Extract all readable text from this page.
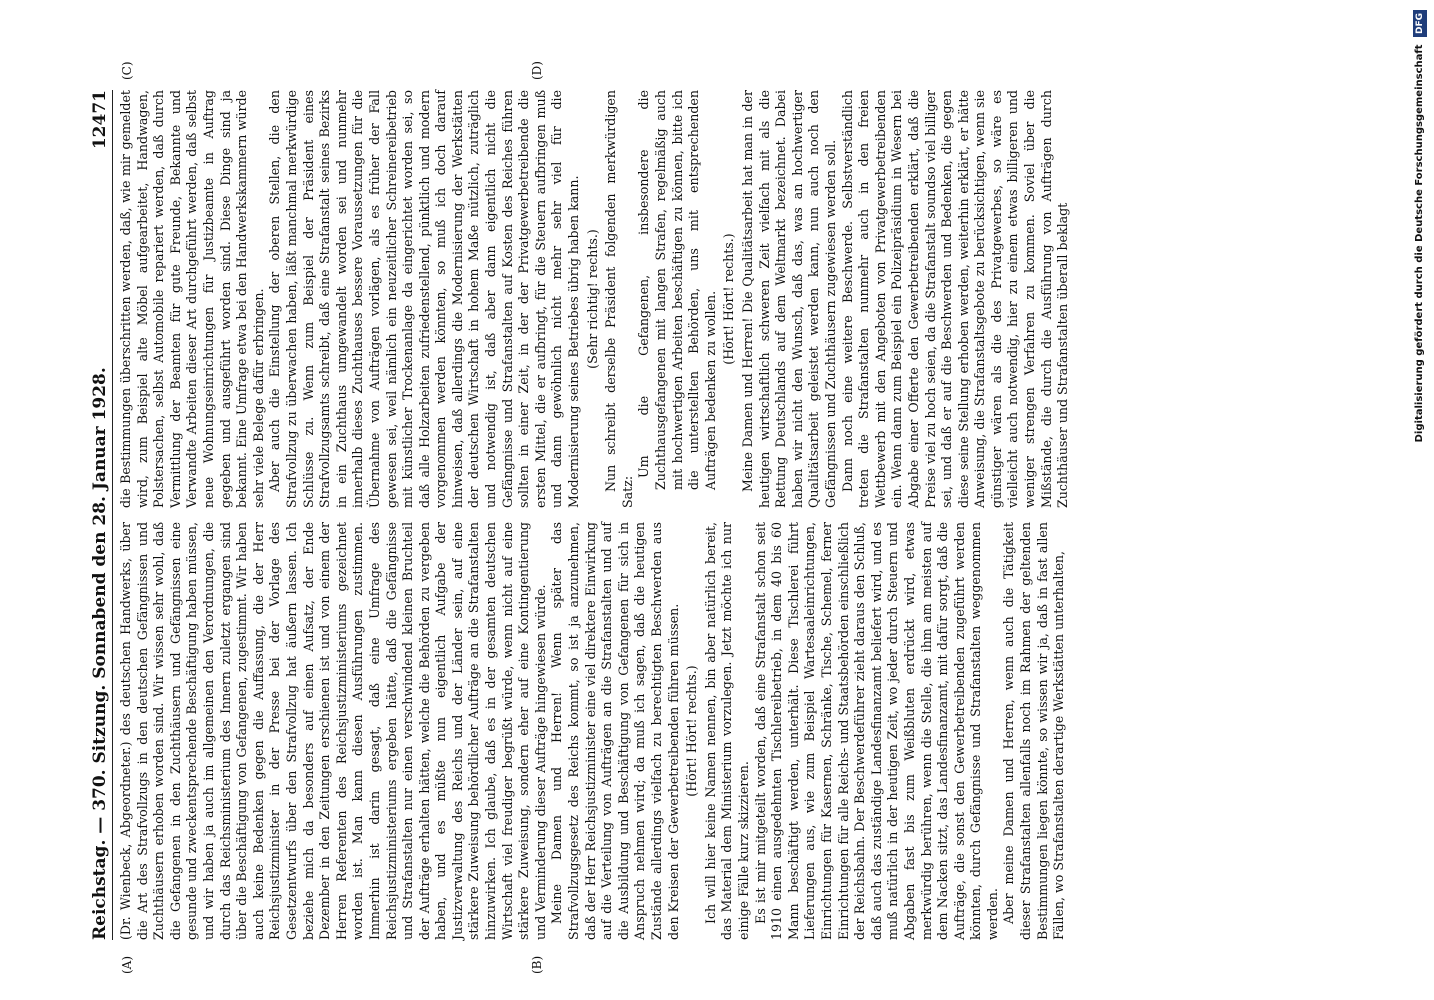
Reichstag. — 370. Sitzung. Sonnabend den 28. Januar 1928.
12471

(Dr. Wienbeck, Abgeordneter.) des deutschen Handwerks, über die Art des Strafvollzugs in den deutschen Gefängnissen und Zuchthäusern erhoben worden sind. Wir wissen sehr wohl, daß die Gefangenen in den Zuchthäusern und Gefängnissen eine gesunde und zweckentsprechende Beschäftigung haben müssen, und wir haben ja auch im allgemeinen den Verordnungen, die durch das Reichsministerium des Innern zuletzt ergangen sind über die Beschäftigung von Gefangenen, zugestimmt. Wir haben auch keine Bedenken gegen die Auffassung, die der Herr Reichsjustizminister in der Presse bei der Vorlage des Gesetzentwurfs über den Strafvollzug hat äußern lassen. Ich beziehe mich da besonders auf einen Aufsatz, der Ende Dezember in den Zeitungen erschienen ist und von einem der Herren Referenten des Reichsjustizministeriums gezeichnet worden ist. Man kann diesen Ausführungen zustimmen. Immerhin ist darin gesagt, daß eine Umfrage des Reichsjustizministeriums ergeben hätte, daß die Gefängnisse und Strafanstalten nur einen verschwindend kleinen Bruchteil der Aufträge erhalten hätten, welche die Behörden zu vergeben haben, und es müßte nun eigentlich Aufgabe der Justizverwaltung des Reichs und der Länder sein, auf eine stärkere Zuweisung behördlicher Aufträge an die Strafanstalten hinzuwirken. Ich glaube, daß es in der gesamten deutschen Wirtschaft viel freudiger begrüßt würde, wenn nicht auf eine stärkere Zuweisung, sondern eher auf eine Kontingentierung und Verminderung dieser Aufträge hingewiesen würde. Meine Damen und Herren! Wenn später das Strafvollzugsgesetz des Reichs kommt, so ist ja anzunehmen, daß der Herr Reichsjustizminister eine viel direktere Einwirkung auf die Verteilung von Aufträgen an die Strafanstalten und auf die Ausbildung und Beschäftigung von Gefangenen für sich in Anspruch nehmen wird; da muß ich sagen, daß die heutigen Zustände allerdings vielfach zu berechtigten Beschwerden aus den Kreisen der Gewerbetreibenden führen müssen. (Hört! Hört! rechts.) Ich will hier keine Namen nennen, bin aber natürlich bereit, das Material dem Ministerium vorzulegen. Jetzt möchte ich nur einige Fälle kurz skizzieren. Es ist mir mitgeteilt worden, daß eine Strafanstalt schon seit 1910 einen ausgedehnten Tischlereibetrieb, in dem 40 bis 60 Mann beschäftigt werden, unterhält. Diese Tischlerei führt Lieferungen aus, wie zum Beispiel Wartesaaleinrichtungen, Einrichtungen für Kasernen, Schränke, Tische, Schemel, ferner Einrichtungen für alle Reichs- und Staatsbehörden einschließlich der Reichsbahn. Der Beschwerdeführer zieht daraus den Schluß, daß auch das zuständige Landesfinanzamt beliefert wird, und es muß natürlich in der heutigen Zeit, wo jeder durch Steuern und Abgaben fast bis zum Weißbluten erdrückt wird, etwas merkwürdig berühren, wenn die Stelle, die ihm am meisten auf dem Nacken sitzt, das Landesfinanzamt, mit dafür sorgt, daß die Aufträge, die sonst den Gewerbetreibenden zugeführt werden könnten, durch Gefängnisse und Strafanstalten weggenommen werden. Aber meine Damen und Herren, wenn auch die Tätigkeit dieser Strafanstalten allenfalls noch im Rahmen der geltenden Bestimmungen liegen könnte, so wissen wir ja, daß in fast allen Fällen, wo Strafanstalten derartige Werkstätten unterhalten,

die Bestimmungen überschritten werden, daß, wie mir gemeldet wird, zum Beispiel alte Möbel aufgearbeitet, Handwagen, Polstersachen, selbst Automobile repariert werden, daß durch Vermittlung der Beamten für gute Freunde, Bekannte und Verwandte Arbeiten dieser Art durchgeführt werden, daß selbst neue Wohnungseinrichtungen für Justizbeamte in Auftrag gegeben und ausgeführt worden sind. Diese Dinge sind ja bekannt. Eine Umfrage etwa bei den Handwerkskammern würde sehr viele Belege dafür erbringen. Aber auch die Einstellung der oberen Stellen, die den Strafvollzug zu überwachen haben, läßt manchmal merkwürdige Schlüsse zu. Wenn zum Beispiel der Präsident eines Strafvollzugsamts schreibt, daß eine Strafanstalt seines Bezirks in ein Zuchthaus umgewandelt worden sei und nunmehr innerhalb dieses Zuchthauses bessere Voraussetzungen für die Übernahme von Aufträgen vorlägen, als es früher der Fall gewesen sei, weil nämlich ein neuzeitlicher Schreinereibetrieb mit künstlicher Trockenanlage da eingerichtet worden sei, so daß alle Holzarbeiten zufriedenstellend, pünktlich und modern vorgenommen werden könnten, so muß ich doch darauf hinweisen, daß allerdings die Modernisierung der Werkstätten der deutschen Wirtschaft in hohem Maße nützlich, zuträglich und notwendig ist, daß aber dann eigentlich nicht die Gefängnisse und Strafanstalten auf Kosten des Reiches führen sollten in einer Zeit, in der der Privatgewerbetreibende die ersten Mittel, die er aufbringt, für die Steuern aufbringen muß und dann gewöhnlich nicht mehr sehr viel für die Modernisierung seines Betriebes übrig haben kann. (Sehr richtig! rechts.) Nun schreibt derselbe Präsident folgenden merkwürdigen Satz:

Um die Gefangenen, insbesondere die Zuchthausgefangenen mit langen Strafen, regelmäßig auch mit hochwertigen Arbeiten beschäftigen zu können, bitte ich die unterstellten Behörden, uns mit entsprechenden Aufträgen bedenken zu wollen. (Hört! Hört! rechts.) Meine Damen und Herren! Die Qualitätsarbeit hat man in der heutigen wirtschaftlich schweren Zeit vielfach mit als die Rettung Deutschlands auf dem Weltmarkt bezeichnet. Dabei haben wir nicht den Wunsch, daß das, was an hochwertiger Qualitätsarbeit geleistet werden kann, nun auch noch den Gefängnissen und Zuchthäusern zugewiesen werden soll. Dann noch eine weitere Beschwerde. Selbstverständlich treten die Strafanstalten nunmehr auch in den freien Wettbewerb mit den Angeboten von Privatgewerbetreibenden ein. Wenn dann zum Beispiel ein Polizeipräsidium in Wesern bei Abgabe einer Offerte den Gewerbetreibenden erklärt, daß die Preise viel zu hoch seien, da die Strafanstalt soundso viel billiger sei, und daß er auf die Beschwerden und Bedenken, die gegen diese seine Stellung erhoben werden, weiterhin erklärt, er hätte Anweisung, die Strafanstaltsgebote zu berücksichtigen, wenn sie günstiger wären als die des Privatgewerbes, so wäre es vielleicht auch notwendig, hier zu einem etwas billigeren und weniger strengen Verfahren zu kommen. Soviel über die Mißstände, die durch die Ausführung von Aufträgen durch Zuchthäuser und Strafanstalten überall beklagt

(A)	(B)
(C)	(D)	Digitalisierung gefördert durch die Deutsche Forschungsgemeinschaft DFG
